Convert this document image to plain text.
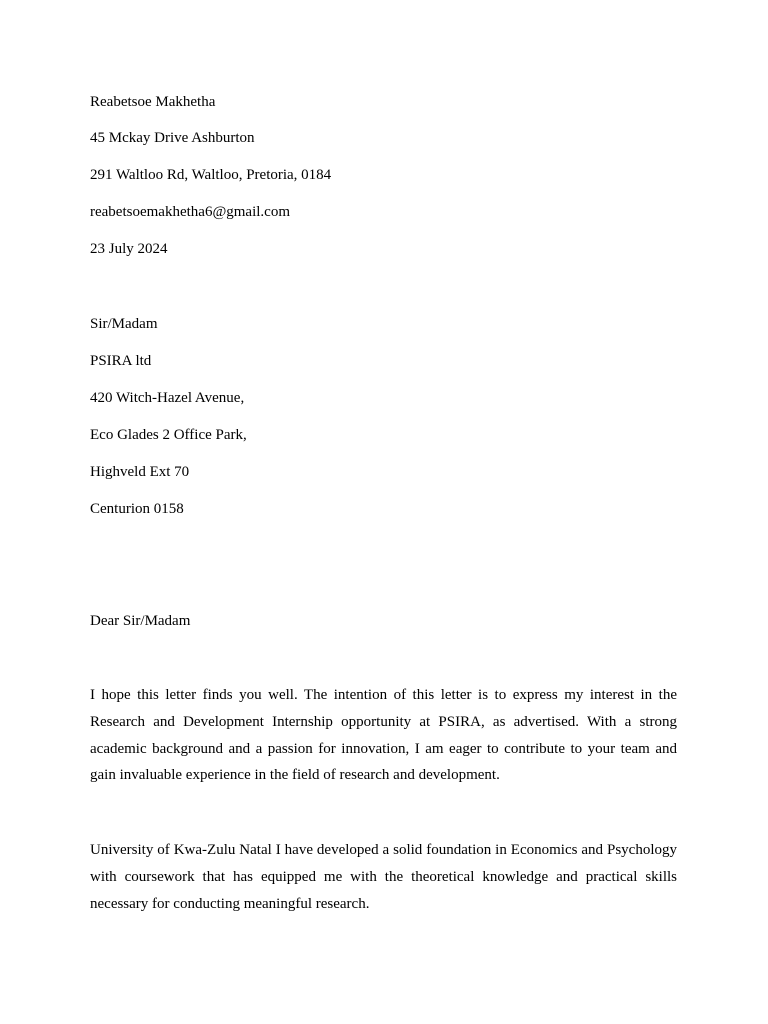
Reabetsoe Makhetha
45 Mckay Drive Ashburton
291 Waltloo Rd, Waltloo, Pretoria, 0184
reabetsoemakhetha6@gmail.com
23 July 2024
Sir/Madam
PSIRA ltd
420 Witch-Hazel Avenue,
Eco Glades 2 Office Park,
Highveld Ext 70
Centurion 0158
Dear Sir/Madam
I hope this letter finds you well. The intention of this letter is to express my interest in the Research and Development Internship opportunity at PSIRA, as advertised. With a strong academic background and a passion for innovation, I am eager to contribute to your team and gain invaluable experience in the field of research and development.
University of Kwa-Zulu Natal I have developed a solid foundation in Economics and Psychology with coursework that has equipped me with the theoretical knowledge and practical skills necessary for conducting meaningful research.
